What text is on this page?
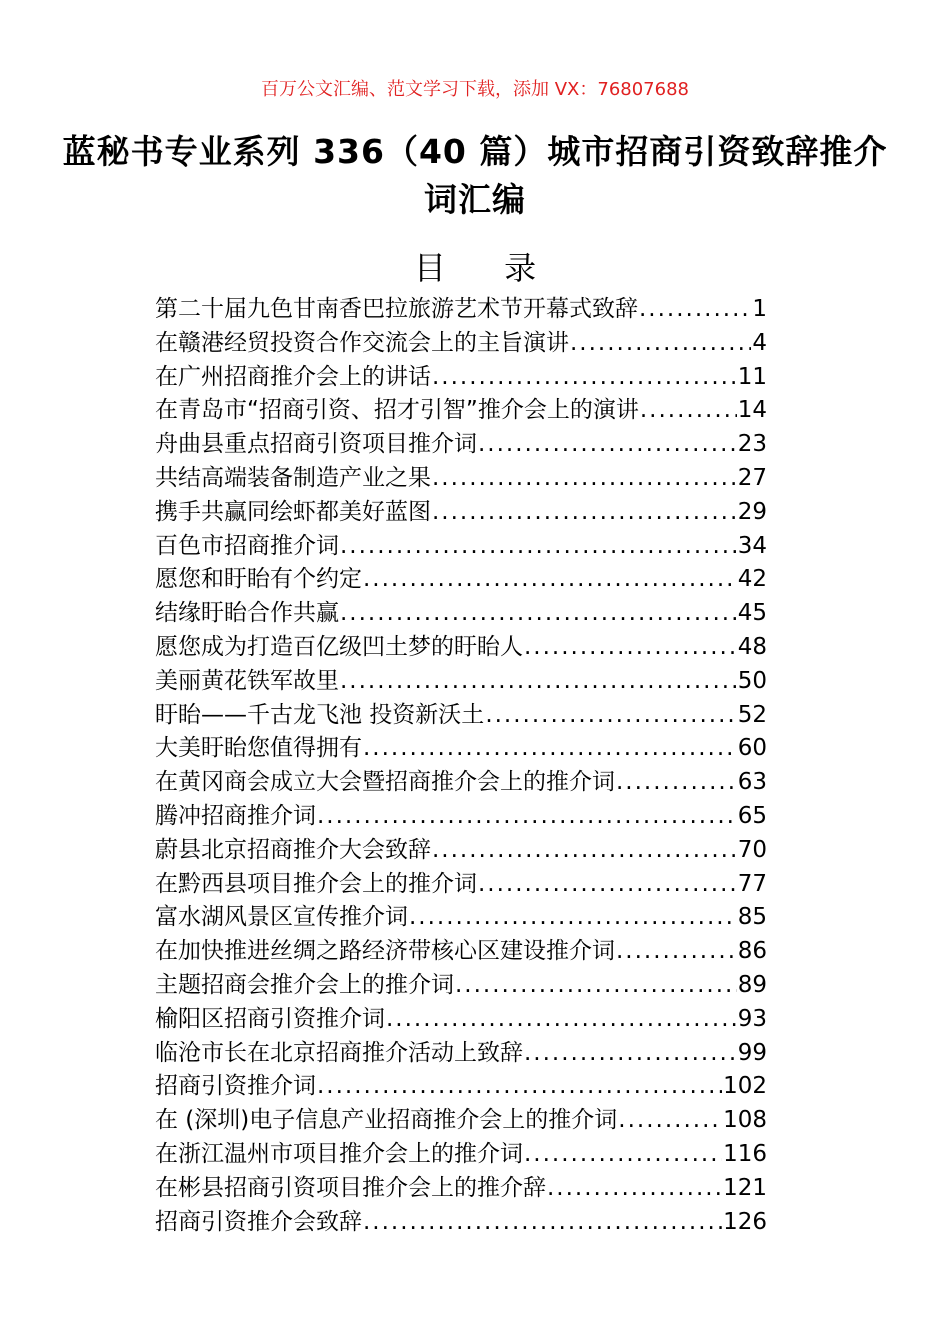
百万公文汇编、范文学习下载，添加 VX：76807688
蓝秘书专业系列 336（40 篇）城市招商引资致辞推介词汇编
目 录
第二十届九色甘南香巴拉旅游艺术节开幕式致辞 .....	1
在赣港经贸投资合作交流会上的主旨演讲 .....	4
在广州招商推介会上的讲话 .....	11
在青岛市“招商引资、招才引智”推介会上的演讲 .....	14
舟曲县重点招商引资项目推介词 .....	23
共结高端装备制造产业之果 .....	27
携手共赢同绘虾都美好蓝图 .....	29
百色市招商推介词 .....	34
愿您和盱眙有个约定 .....	42
结缘盱眙合作共赢 .....	45
愿您成为打造百亿级凹土梦的盱眙人 .....	48
美丽黄花铁军故里 .....	50
盱眙——千古龙飞池 投资新沃土 .....	52
大美盱眙您值得拥有 .....	60
在黄冈商会成立大会暨招商推介会上的推介词 .....	63
腾冲招商推介词 .....	65
蔚县北京招商推介大会致辞 .....	70
在黔西县项目推介会上的推介词 .....	77
富水湖风景区宣传推介词 .....	85
在加快推进丝绸之路经济带核心区建设推介词 .....	86
主题招商会推介会上的推介词 .....	89
榆阳区招商引资推介词 .....	93
临沧市长在北京招商推介活动上致辞 .....	99
招商引资推介词 .....	102
在 (深圳)电子信息产业招商推介会上的推介词 .....	108
在浙江温州市项目推介会上的推介词 .....	116
在彬县招商引资项目推介会上的推介辞 .....	121
招商引资推介会致辞 .....	126
